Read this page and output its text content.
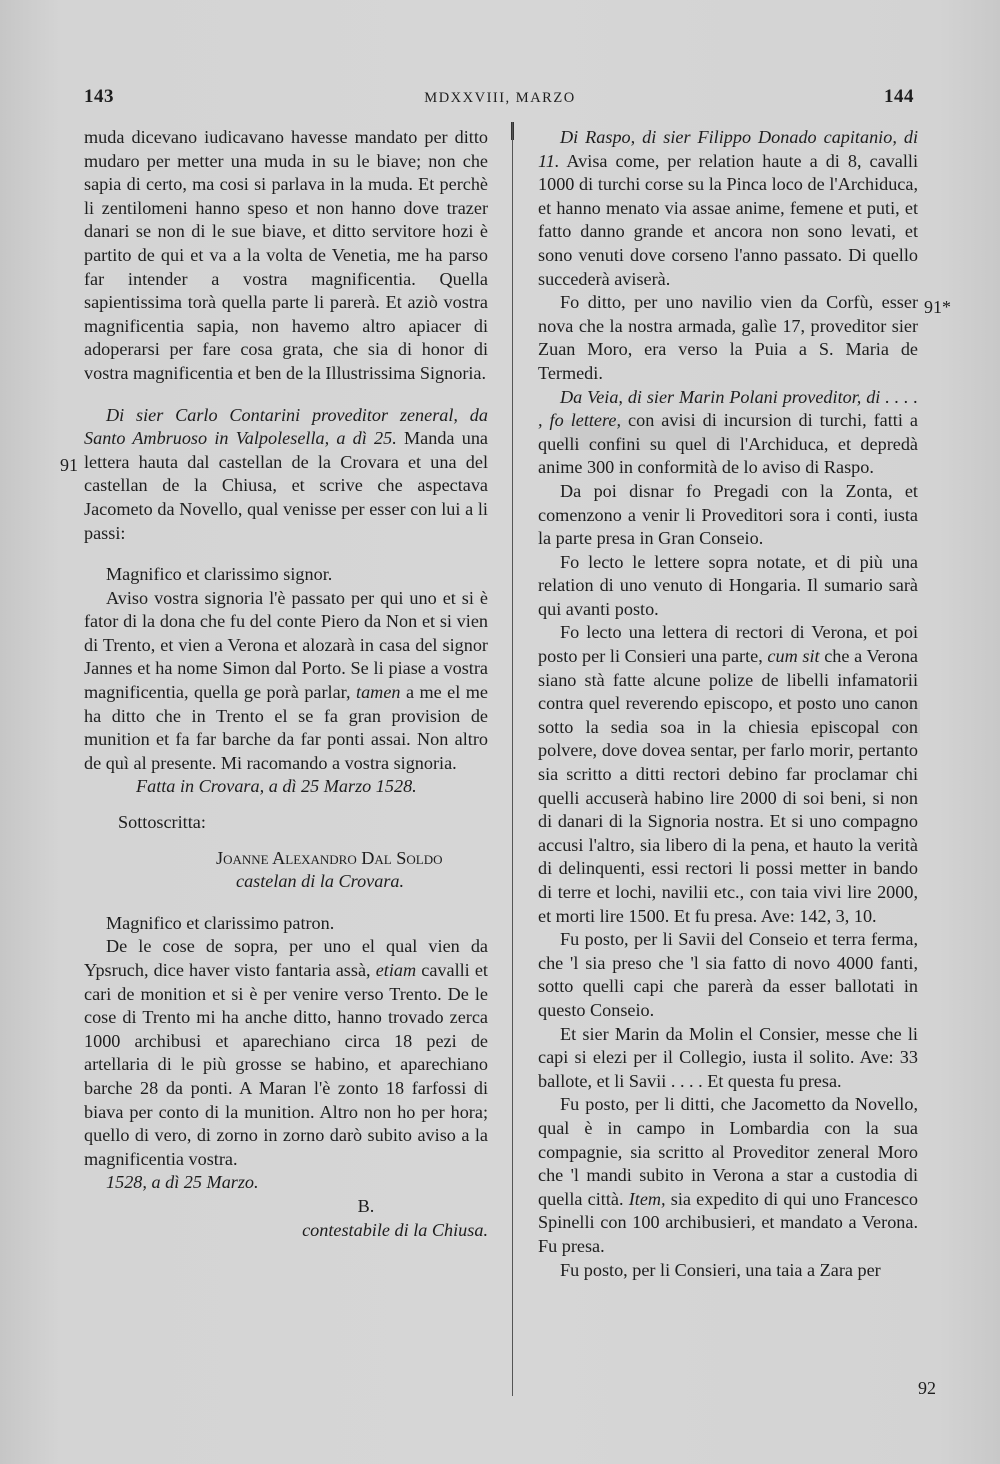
143	MDXXVIII, MARZO	144
91
91*
92

muda dicevano iudicavano havesse mandato per ditto mudaro per metter una muda in su le biave; non che sapia di certo, ma cosi si parlava in la muda. Et perchè li zentilomeni hanno speso et non hanno dove trazer danari se non di le sue biave, et ditto servitore hozi è partito de qui et va a la volta de Venetia, me ha parso far intender a vostra magnificentia. Quella sapientissima torà quella parte li parerà. Et aziò vostra magnificentia sapia, non havemo altro apiacer di adoperarsi per fare cosa grata, che sia di honor di vostra magnificentia et ben de la Illustrissima Signoria.

Di sier Carlo Contarini proveditor zeneral, da Santo Ambruoso in Valpolesella, a dì 25. Manda una lettera hauta dal castellan de la Crovara et una del castellan de la Chiusa, et scrive che aspectava Jacometo da Novello, qual venisse per esser con lui a li passi:

Magnifico et clarissimo signor.

Aviso vostra signoria l'è passato per qui uno et si è fator di la dona che fu del conte Piero da Non et si vien di Trento, et vien a Verona et alozarà in casa del signor Jannes et ha nome Simon dal Porto. Se li piase a vostra magnificentia, quella ge porà parlar, tamen a me el me ha ditto che in Trento el se fa gran provision de munition et fa far barche da far ponti assai. Non altro de quì al presente. Mi racomando a vostra signoria.

Fatta in Crovara, a dì 25 Marzo 1528.

Sottoscritta:

Joanne Alexandro Dal Soldo

castelan di la Crovara.

Magnifico et clarissimo patron.

De le cose de sopra, per uno el qual vien da Ypsruch, dice haver visto fantaria assà, etiam cavalli et cari de monition et si è per venire verso Trento. De le cose di Trento mi ha anche ditto, hanno trovado zerca 1000 archibusi et aparechiano circa 18 pezi de artellaria di le più grosse se habino, et aparechiano barche 28 da ponti. A Maran l'è zonto 18 farfossi di biava per conto di la munition. Altro non ho per hora; quello di vero, di zorno in zorno darò subito aviso a la magnificentia vostra.

1528, a dì 25 Marzo.

B.

contestabile di la Chiusa.

Di Raspo, di sier Filippo Donado capitanio, di 11. Avisa come, per relation haute a di 8, cavalli 1000 di turchi corse su la Pinca loco de l'Archiduca, et hanno menato via assae anime, femene et puti, et fatto danno grande et ancora non sono levati, et sono venuti dove corseno l'anno passato. Di quello succederà aviserà.

Fo ditto, per uno navilio vien da Corfù, esser nova che la nostra armada, galìe 17, proveditor sier Zuan Moro, era verso la Puia a S. Maria de Termedi.

Da Veia, di sier Marin Polani proveditor, di . . . . , fo lettere, con avisi di incursion di turchi, fatti a quelli confini su quel di l'Archiduca, et depredà anime 300 in conformità de lo aviso di Raspo.

Da poi disnar fo Pregadi con la Zonta, et comenzono a venir li Proveditori sora i conti, iusta la parte presa in Gran Conseio.

Fo lecto le lettere sopra notate, et di più una relation di uno venuto di Hongaria. Il sumario sarà qui avanti posto.

Fo lecto una lettera di rectori di Verona, et poi posto per li Consieri una parte, cum sit che a Verona siano stà fatte alcune polize de libelli infamatorii contra quel reverendo episcopo, et posto uno canon sotto la sedia soa in la chiesia episcopal con polvere, dove dovea sentar, per farlo morir, pertanto sia scritto a ditti rectori debino far proclamar chi quelli accuserà habino lire 2000 di soi beni, si non di danari di la Signoria nostra. Et si uno compagno accusi l'altro, sia libero di la pena, et hauto la verità di delinquenti, essi rectori li possi metter in bando di terre et lochi, navilii etc., con taia vivi lire 2000, et morti lire 1500. Et fu presa. Ave: 142, 3, 10.

Fu posto, per li Savii del Conseio et terra ferma, che 'l sia preso che 'l sia fatto di novo 4000 fanti, sotto quelli capi che parerà da esser ballotati in questo Conseio.

Et sier Marin da Molin el Consier, messe che li capi si elezi per il Collegio, iusta il solito. Ave: 33 ballote, et li Savii . . . . Et questa fu presa.

Fu posto, per li ditti, che Jacometto da Novello, qual è in campo in Lombardia con la sua compagnie, sia scritto al Proveditor zeneral Moro che 'l mandi subito in Verona a star a custodia di quella città. Item, sia expedito di qui uno Francesco Spinelli con 100 archibusieri, et mandato a Verona. Fu presa.

Fu posto, per li Consieri, una taia a Zara per
